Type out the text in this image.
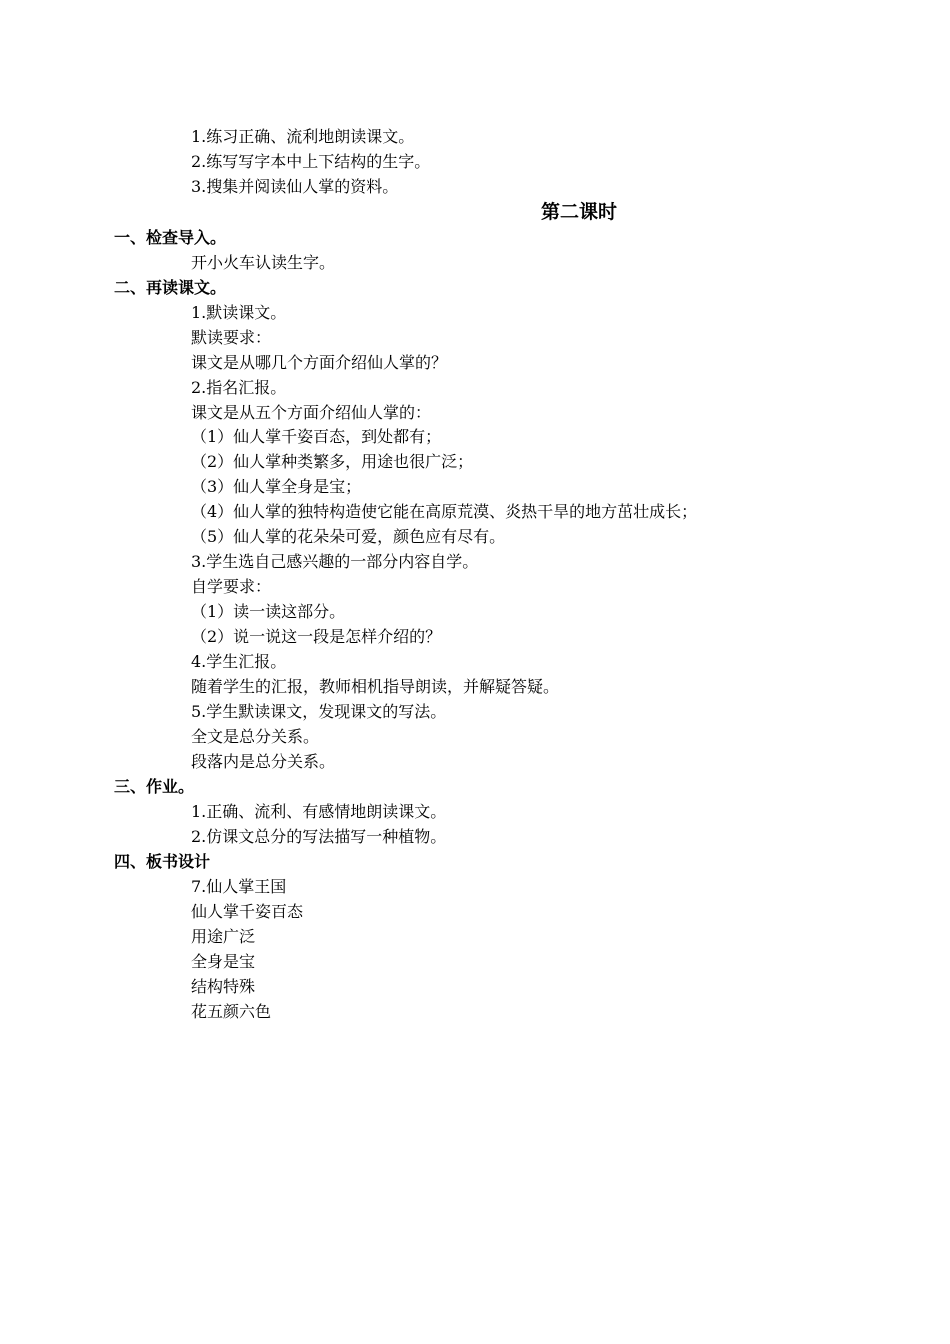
1.练习正确、流利地朗读课文。

2.练写写字本中上下结构的生字。

3.搜集并阅读仙人掌的资料。

第二课时
一、检查导入。

开小火车认读生字。

二、再读课文。

1.默读课文。

默读要求：

课文是从哪几个方面介绍仙人掌的？

2.指名汇报。

课文是从五个方面介绍仙人掌的：

（1）仙人掌千姿百态，到处都有；

（2）仙人掌种类繁多，用途也很广泛；

（3）仙人掌全身是宝；

（4）仙人掌的独特构造使它能在高原荒漠、炎热干旱的地方茁壮成长；

（5）仙人掌的花朵朵可爱，颜色应有尽有。

3.学生选自己感兴趣的一部分内容自学。

自学要求：

（1）读一读这部分。

（2）说一说这一段是怎样介绍的？

4.学生汇报。

随着学生的汇报，教师相机指导朗读，并解疑答疑。

5.学生默读课文，发现课文的写法。

全文是总分关系。

段落内是总分关系。

三、作业。

1.正确、流利、有感情地朗读课文。

2.仿课文总分的写法描写一种植物。

四、板书设计

7.仙人掌王国

仙人掌千姿百态

用途广泛

全身是宝

结构特殊

花五颜六色
